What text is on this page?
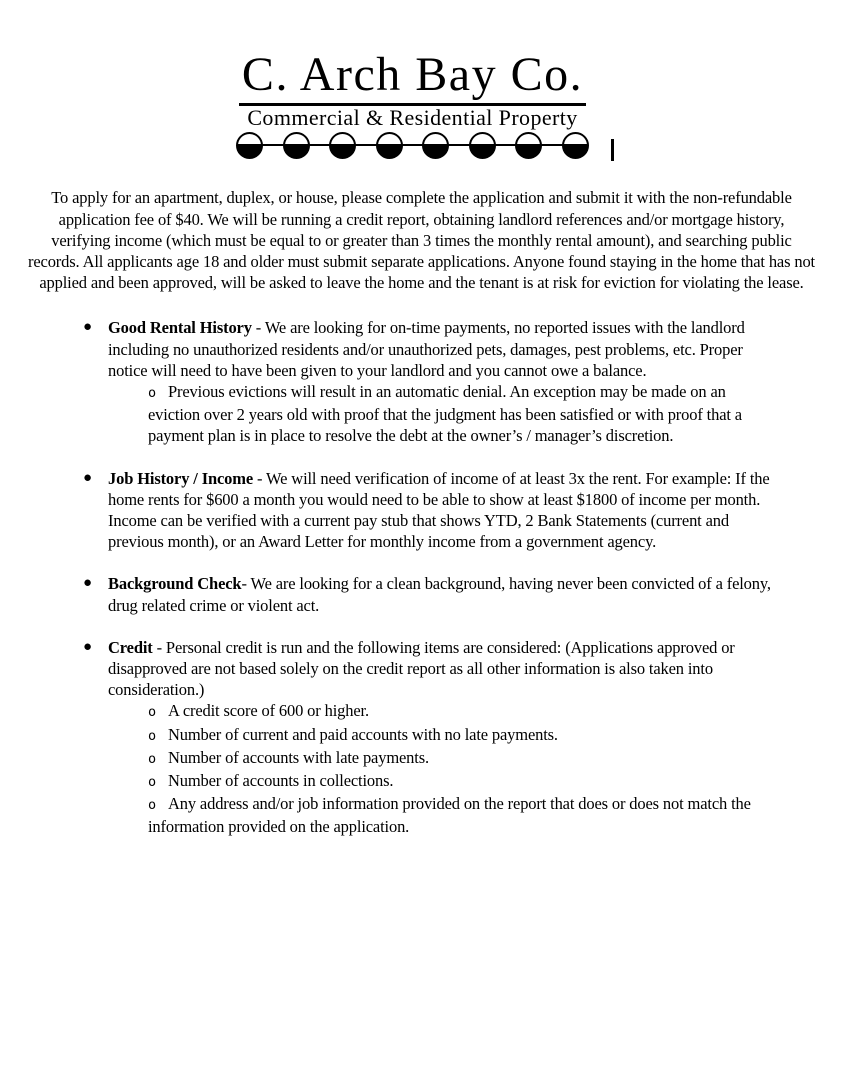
C. Arch Bay Co.
Commercial & Residential Property

To apply for an apartment, duplex, or house, please complete the application and submit it with the non-refundable application fee of $40. We will be running a credit report, obtaining landlord references and/or mortgage history, verifying income (which must be equal to or greater than 3 times the monthly rental amount), and searching public records. All applicants age 18 and older must submit separate applications. Anyone found staying in the home that has not applied and been approved, will be asked to leave the home and the tenant is at risk for eviction for violating the lease.

● Good Rental History - We are looking for on-time payments, no reported issues with the landlord including no unauthorized residents and/or unauthorized pets, damages, pest problems, etc. Proper notice will need to have been given to your landlord and you cannot owe a balance.
o Previous evictions will result in an automatic denial. An exception may be made on an eviction over 2 years old with proof that the judgment has been satisfied or with proof that a payment plan is in place to resolve the debt at the owner’s / manager’s discretion.
● Job History / Income - We will need verification of income of at least 3x the rent. For example: If the home rents for $600 a month you would need to be able to show at least $1800 of income per month. Income can be verified with a current pay stub that shows YTD, 2 Bank Statements (current and previous month), or an Award Letter for monthly income from a government agency.
● Background Check- We are looking for a clean background, having never been convicted of a felony, drug related crime or violent act.
● Credit - Personal credit is run and the following items are considered: (Applications approved or disapproved are not based solely on the credit report as all other information is also taken into consideration.)
o A credit score of 600 or higher.
o Number of current and paid accounts with no late payments.
o Number of accounts with late payments.
o Number of accounts in collections.
o Any address and/or job information provided on the report that does or does not match the information provided on the application.
